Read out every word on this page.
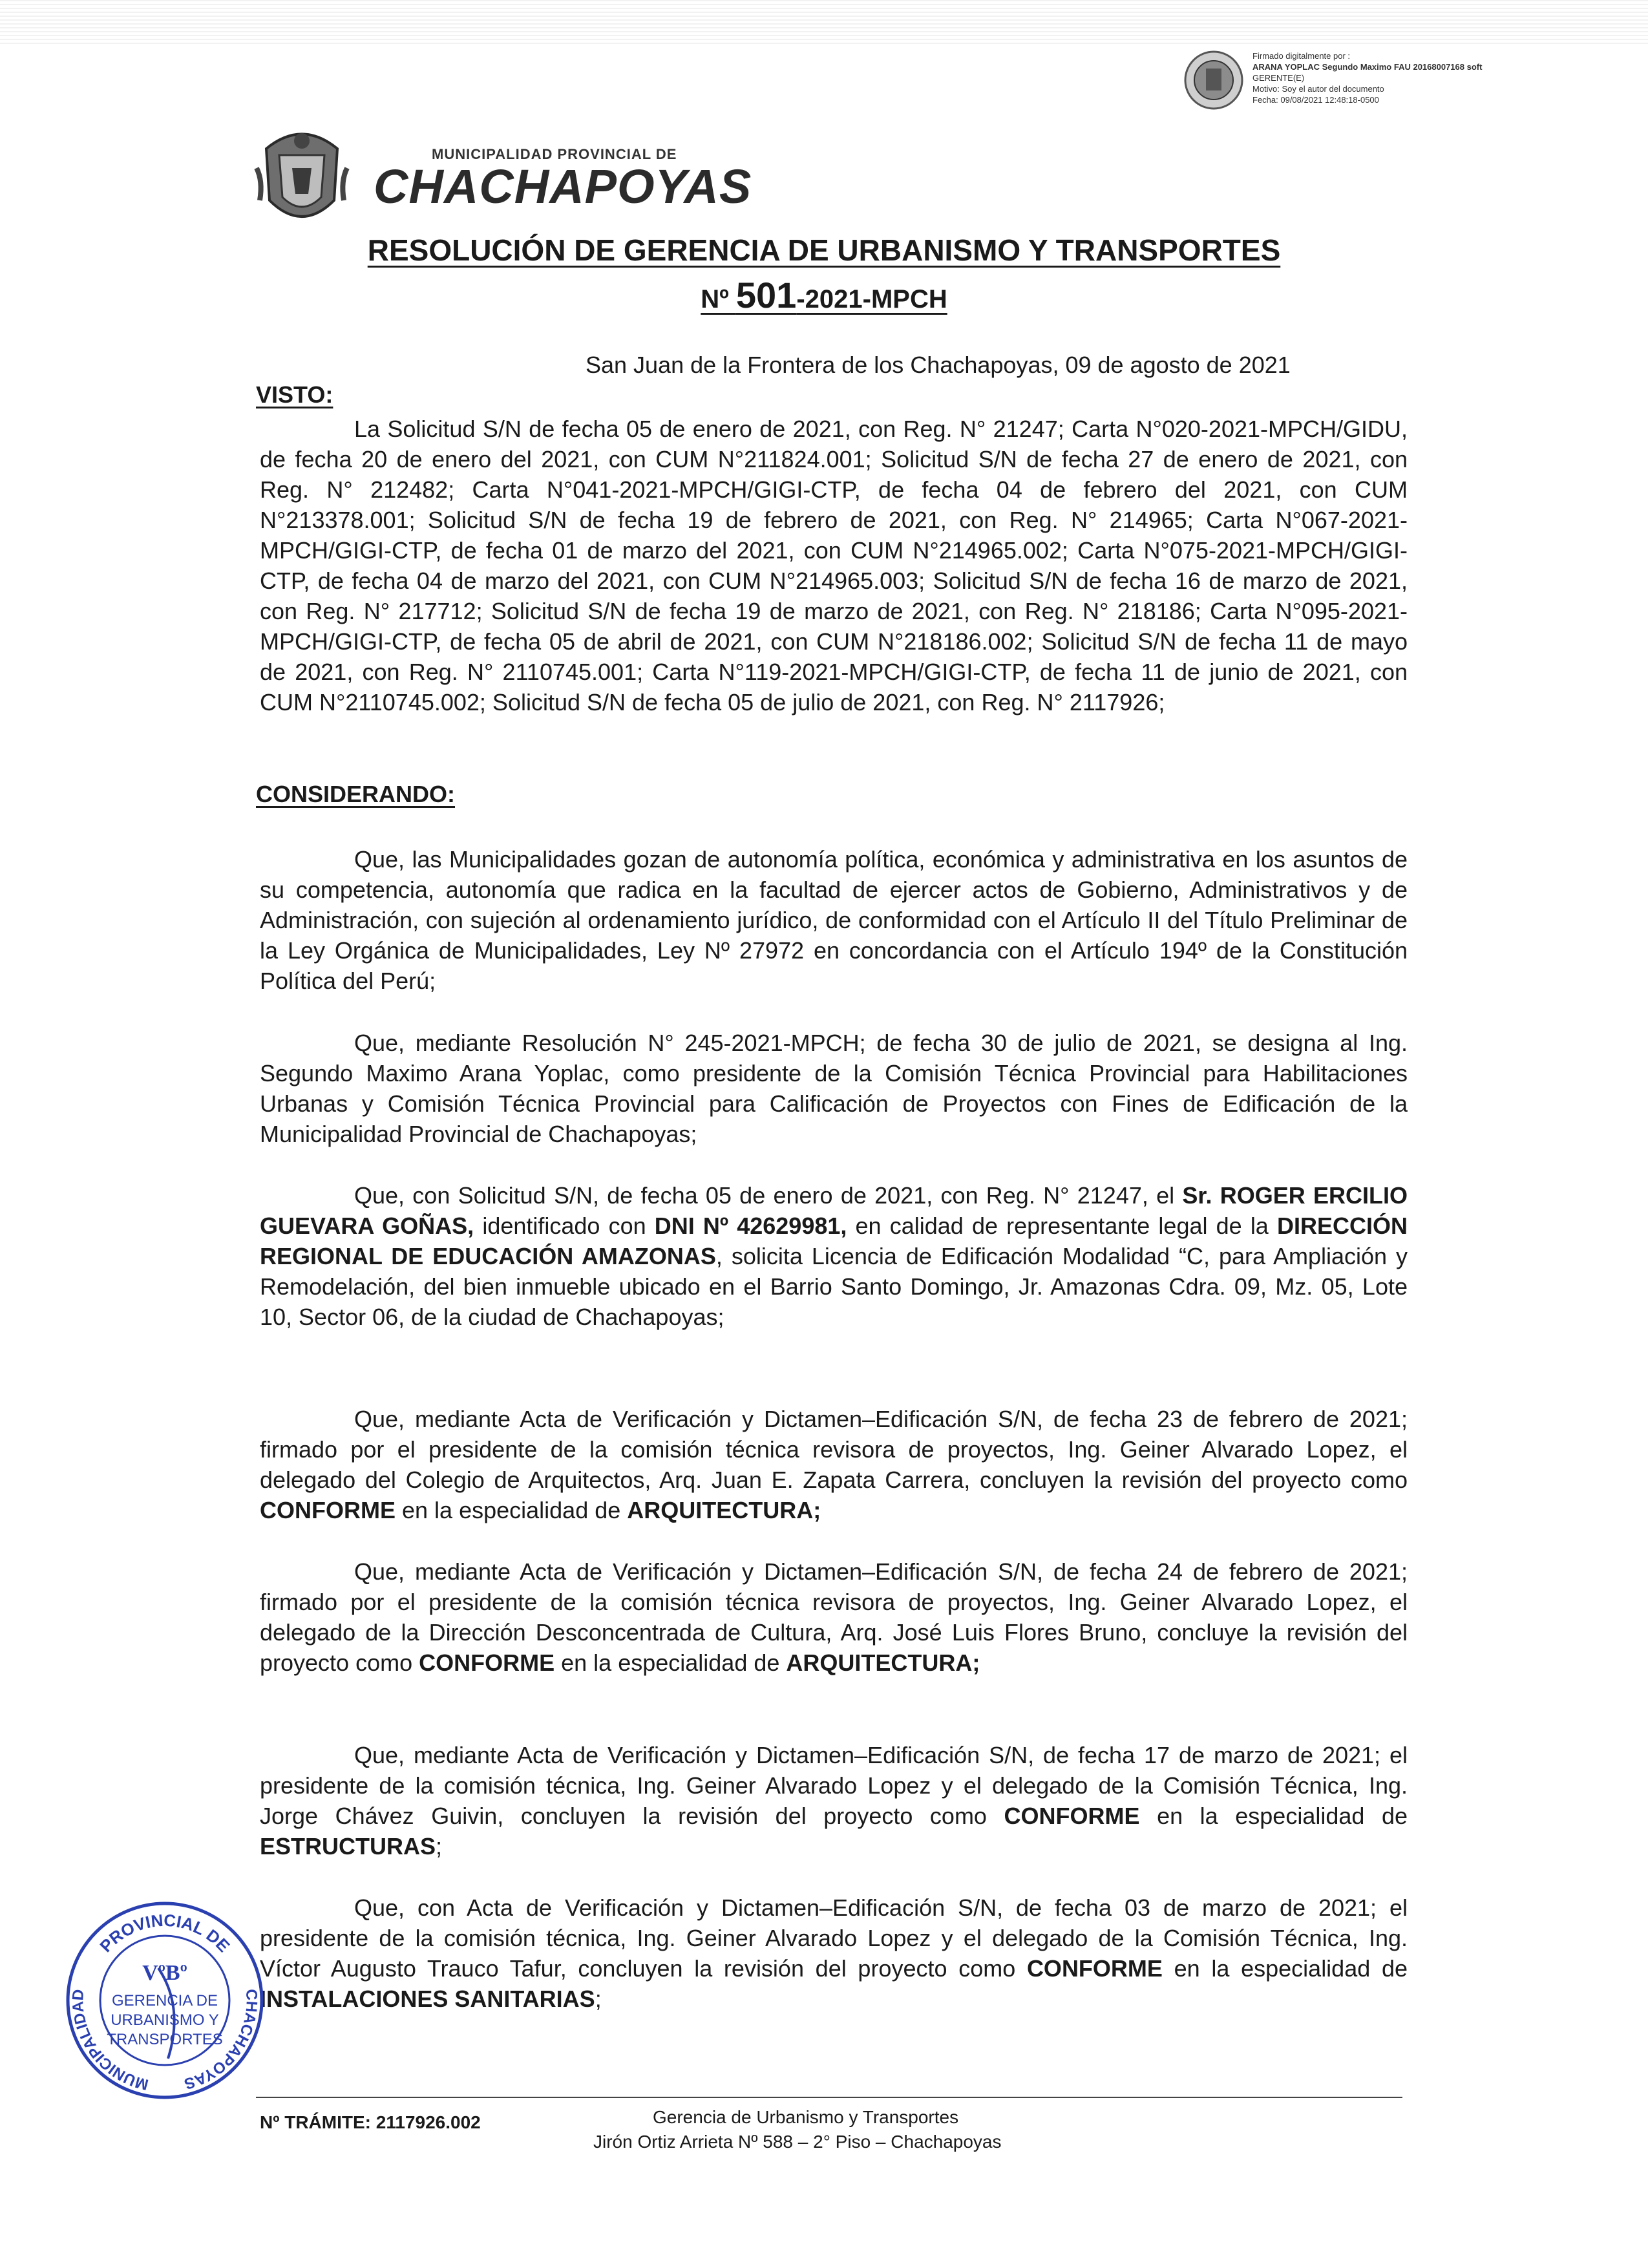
Firmado digitalmente por :
ARANA YOPLAC Segundo Maximo FAU 20168007168 soft
GERENTE(E)
Motivo: Soy el autor del documento
Fecha: 09/08/2021 12:48:18-0500
MUNICIPALIDAD PROVINCIAL DE
CHACHAPOYAS
RESOLUCIÓN DE GERENCIA DE URBANISMO Y TRANSPORTES
Nº 501-2021-MPCH
San Juan de la Frontera de los Chachapoyas, 09 de agosto de 2021
VISTO:

La Solicitud S/N de fecha 05 de enero de 2021, con Reg. N° 21247; Carta N°020-2021-MPCH/GIDU, de fecha 20 de enero del 2021, con CUM N°211824.001; Solicitud S/N de fecha 27 de enero de 2021, con Reg. N° 212482; Carta N°041-2021-MPCH/GIGI-CTP, de fecha 04 de febrero del 2021, con CUM N°213378.001; Solicitud S/N de fecha 19 de febrero de 2021, con Reg. N° 214965; Carta N°067-2021-MPCH/GIGI-CTP, de fecha 01 de marzo del 2021, con CUM N°214965.002; Carta N°075-2021-MPCH/GIGI-CTP, de fecha 04 de marzo del 2021, con CUM N°214965.003; Solicitud S/N de fecha 16 de marzo de 2021, con Reg. N° 217712; Solicitud S/N de fecha 19 de marzo de 2021, con Reg. N° 218186; Carta N°095-2021-MPCH/GIGI-CTP, de fecha 05 de abril de 2021, con CUM N°218186.002; Solicitud S/N de fecha 11 de mayo de 2021, con Reg. N° 2110745.001; Carta N°119-2021-MPCH/GIGI-CTP, de fecha 11 de junio de 2021, con CUM N°2110745.002; Solicitud S/N de fecha 05 de julio de 2021, con Reg. N° 2117926;

CONSIDERANDO:

Que, las Municipalidades gozan de autonomía política, económica y administrativa en los asuntos de su competencia, autonomía que radica en la facultad de ejercer actos de Gobierno, Administrativos y de Administración, con sujeción al ordenamiento jurídico, de conformidad con el Artículo II del Título Preliminar de la Ley Orgánica de Municipalidades, Ley Nº 27972 en concordancia con el Artículo 194º de la Constitución Política del Perú;

Que, mediante Resolución N° 245-2021-MPCH; de fecha 30 de julio de 2021, se designa al Ing. Segundo Maximo Arana Yoplac, como presidente de la Comisión Técnica Provincial para Habilitaciones Urbanas y Comisión Técnica Provincial para Calificación de Proyectos con Fines de Edificación de la Municipalidad Provincial de Chachapoyas;

Que, con Solicitud S/N, de fecha 05 de enero de 2021, con Reg. N° 21247, el Sr. ROGER ERCILIO GUEVARA GOÑAS, identificado con DNI Nº 42629981, en calidad de representante legal de la DIRECCIÓN REGIONAL DE EDUCACIÓN AMAZONAS, solicita Licencia de Edificación Modalidad “C, para Ampliación y Remodelación, del bien inmueble ubicado en el Barrio Santo Domingo, Jr. Amazonas Cdra. 09, Mz. 05, Lote 10, Sector 06, de la ciudad de Chachapoyas;

Que, mediante Acta de Verificación y Dictamen–Edificación S/N, de fecha 23 de febrero de 2021; firmado por el presidente de la comisión técnica revisora de proyectos, Ing. Geiner Alvarado Lopez, el delegado del Colegio de Arquitectos, Arq. Juan E. Zapata Carrera, concluyen la revisión del proyecto como CONFORME en la especialidad de ARQUITECTURA;

Que, mediante Acta de Verificación y Dictamen–Edificación S/N, de fecha 24 de febrero de 2021; firmado por el presidente de la comisión técnica revisora de proyectos, Ing. Geiner Alvarado Lopez, el delegado de la Dirección Desconcentrada de Cultura, Arq. José Luis Flores Bruno, concluye la revisión del proyecto como CONFORME en la especialidad de ARQUITECTURA;

Que, mediante Acta de Verificación y Dictamen–Edificación S/N, de fecha 17 de marzo de 2021; el presidente de la comisión técnica, Ing. Geiner Alvarado Lopez y el delegado de la Comisión Técnica, Ing. Jorge Chávez Guivin, concluyen la revisión del proyecto como CONFORME en la especialidad de ESTRUCTURAS;

Que, con Acta de Verificación y Dictamen–Edificación S/N, de fecha 03 de marzo de 2021; el presidente de la comisión técnica, Ing. Geiner Alvarado Lopez y el delegado de la Comisión Técnica, Ing. Víctor Augusto Trauco Tafur, concluyen la revisión del proyecto como CONFORME en la especialidad de INSTALACIONES SANITARIAS;

PROVINCIAL DE
MUNICIPALIDAD	CHACHAPOYAS
VºBº
GERENCIA DE
URBANISMO Y
TRANSPORTES
Nº TRÁMITE: 2117926.002	Gerencia de Urbanismo y Transportes
Jirón Ortiz Arrieta Nº 588 – 2° Piso – Chachapoyas
